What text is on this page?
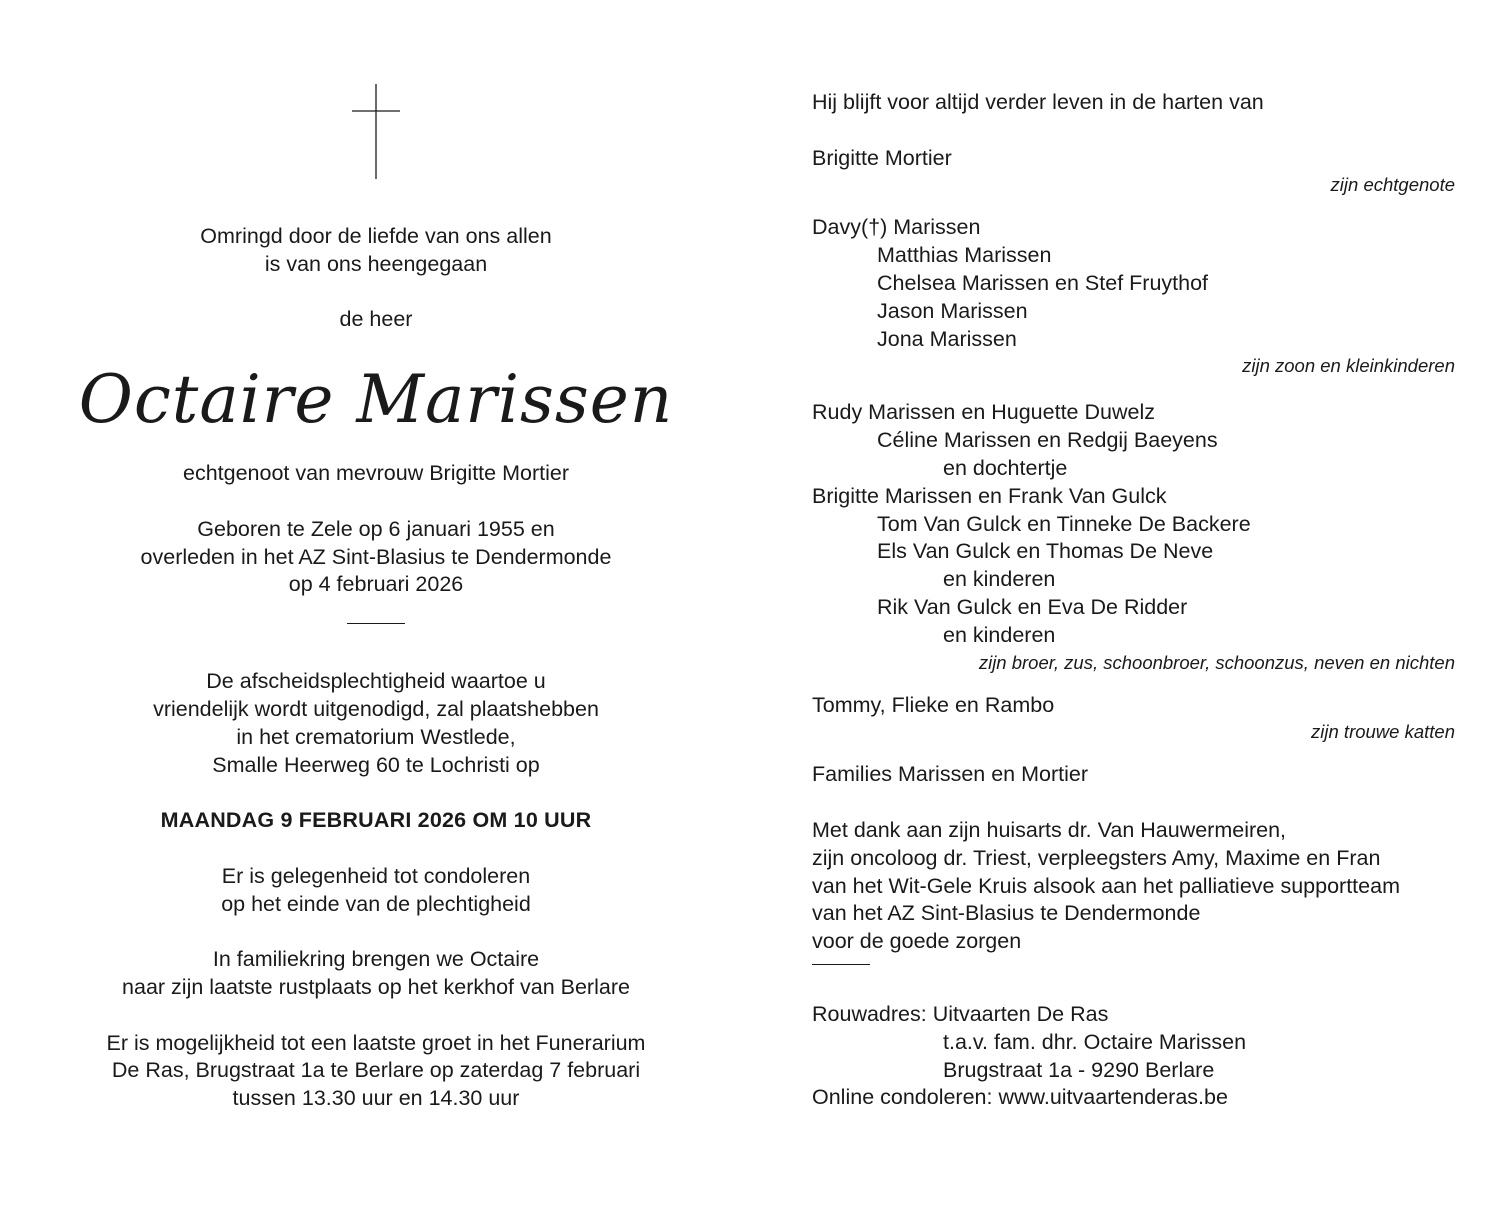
Omringd door de liefde van ons allen
is van ons heengegaan
de heer
Octaire Marissen
echtgenoot van mevrouw Brigitte Mortier
Geboren te Zele op 6 januari 1955 en
overleden in het AZ Sint-Blasius te Dendermonde
op 4 februari 2026
De afscheidsplechtigheid waartoe u
vriendelijk wordt uitgenodigd, zal plaatshebben
in het crematorium Westlede,
Smalle Heerweg 60 te Lochristi op
MAANDAG 9 FEBRUARI 2026 OM 10 UUR
Er is gelegenheid tot condoleren
op het einde van de plechtigheid
In familiekring brengen we Octaire
naar zijn laatste rustplaats op het kerkhof van Berlare
Er is mogelijkheid tot een laatste groet in het Funerarium
De Ras, Brugstraat 1a te Berlare op zaterdag 7 februari
tussen 13.30 uur en 14.30 uur
Hij blijft voor altijd verder leven in de harten van
Brigitte Mortier
zijn echtgenote
Davy(†) Marissen
Matthias Marissen
Chelsea Marissen en Stef Fruythof
Jason Marissen
Jona Marissen
zijn zoon en kleinkinderen
Rudy Marissen en Huguette Duwelz
Céline Marissen en Redgij Baeyens
en dochtertje
Brigitte Marissen en Frank Van Gulck
Tom Van Gulck en Tinneke De Backere
Els Van Gulck en Thomas De Neve
en kinderen
Rik Van Gulck en Eva De Ridder
en kinderen
zijn broer, zus, schoonbroer, schoonzus, neven en nichten
Tommy, Flieke en Rambo
zijn trouwe katten
Families Marissen en Mortier
Met dank aan zijn huisarts dr. Van Hauwermeiren,
zijn oncoloog dr. Triest, verpleegsters Amy, Maxime en Fran
van het Wit-Gele Kruis alsook aan het palliatieve supportteam
van het AZ Sint-Blasius te Dendermonde
voor de goede zorgen
Rouwadres: Uitvaarten De Ras
t.a.v. fam. dhr. Octaire Marissen
Brugstraat 1a - 9290 Berlare
Online condoleren: www.uitvaartenderas.be
